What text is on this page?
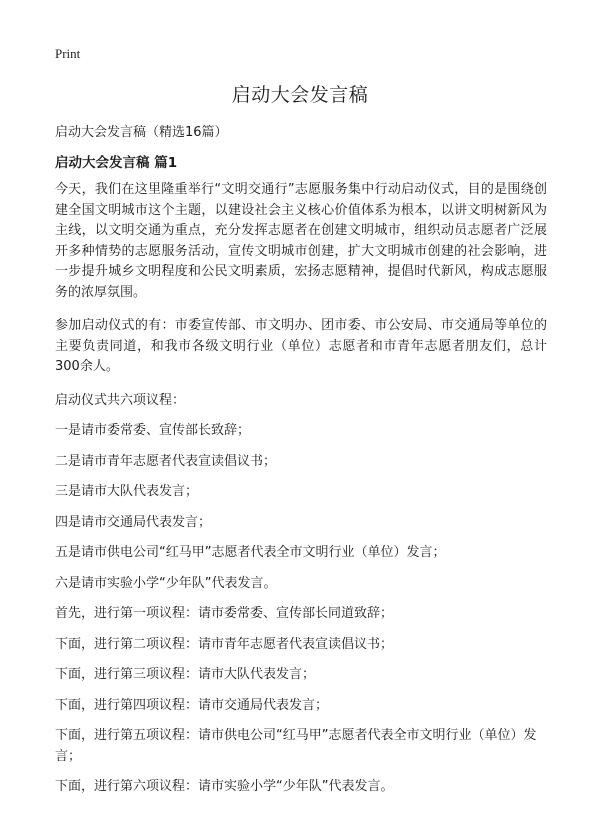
Print
启动大会发言稿
启动大会发言稿（精选16篇）
启动大会发言稿 篇1

今天，我们在这里隆重举行“文明交通行”志愿服务集中行动启动仪式，目的是围绕创建全国文明城市这个主题，以建设社会主义核心价值体系为根本，以讲文明树新风为主线，以文明交通为重点，充分发挥志愿者在创建文明城市，组织动员志愿者广泛展开多种情势的志愿服务活动，宣传文明城市创建，扩大文明城市创建的社会影响，进一步提升城乡文明程度和公民文明素质，宏扬志愿精神，提倡时代新风，构成志愿服务的浓厚氛围。

参加启动仪式的有：市委宣传部、市文明办、团市委、市公安局、市交通局等单位的主要负责同道，和我市各级文明行业（单位）志愿者和市青年志愿者朋友们，总计300余人。

启动仪式共六项议程：

一是请市委常委、宣传部长致辞；

二是请市青年志愿者代表宣读倡议书；

三是请市大队代表发言；

四是请市交通局代表发言；

五是请市供电公司“红马甲”志愿者代表全市文明行业（单位）发言；

六是请市实验小学“少年队”代表发言。

首先，进行第一项议程：请市委常委、宣传部长同道致辞；

下面，进行第二项议程：请市青年志愿者代表宣读倡议书；

下面，进行第三项议程：请市大队代表发言；

下面，进行第四项议程：请市交通局代表发言；

下面，进行第五项议程：请市供电公司“红马甲”志愿者代表全市文明行业（单位）发言；

下面，进行第六项议程：请市实验小学“少年队”代表发言。
